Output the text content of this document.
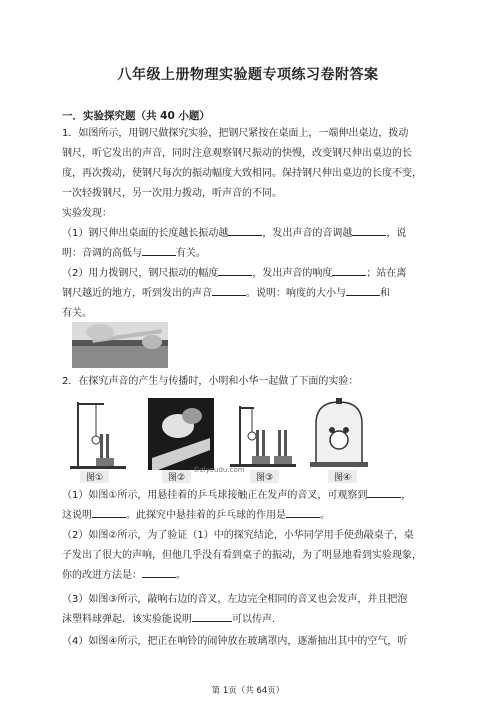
八年级上册物理实验题专项练习卷附答案
一．实验探究题（共 40 小题）
1．如图所示，用钢尺做探究实验，把钢尺紧按在桌面上，一端伸出桌边，拨动
钢尺，听它发出的声音，同时注意观察钢尺振动的快慢，改变钢尺伸出桌边的长
度，再次拨动，使钢尺每次的振动幅度大致相同。保持钢尺伸出桌边的长度不变，
一次轻拨钢尺，另一次用力拨动，听声音的不同。
实验发现：
（1）钢尺伸出桌面的长度越长振动越	，发出声音的音调越	，说
明：音调的高低与	有关。
（2）用力拨钢尺，钢尺振动的幅度	，发出声音的响度	；站在离
钢尺越近的地方，听到发出的声音	。说明：响度的大小与	和
有关。
2．在探究声音的产生与传播时，小明和小华一起做了下面的实验：
图①	图②
©zlyoudu.com
图③	图④
（1）如图①所示，用悬挂着的乒乓球接触正在发声的音叉，可观察到	，
这说明	。此探究中悬挂着的乒乓球的作用是	。
（2）如图②所示，为了验证（1）中的探究结论，小华同学用手使劲敲桌子，桌
子发出了很大的声响，但他几乎没有看到桌子的振动，为了明显地看到实验现象，
你的改进方法是：	。
（3）如图③所示，敲响右边的音叉，左边完全相同的音叉也会发声，并且把泡
沫塑料球弹起．该实验能说明	可以传声．
（4）如图④所示，把正在响铃的闹钟放在玻璃罩内，逐渐抽出其中的空气，听
第 1页（共 64页）
